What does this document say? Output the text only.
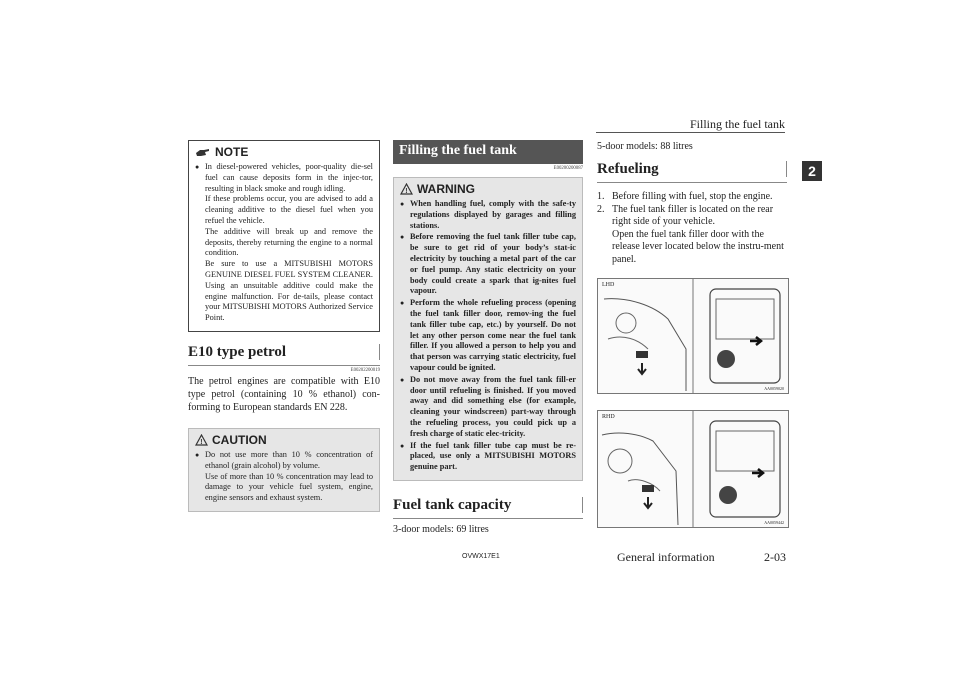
Filling the fuel tank
2
NOTE
● In diesel-powered vehicles, poor-quality die-sel fuel can cause deposits form in the injec-tor, resulting in black smoke and rough idling.
If these problems occur, you are advised to add a cleaning additive to the diesel fuel when you refuel the vehicle.
The additive will break up and remove the deposits, thereby returning the engine to a normal condition.
Be sure to use a MITSUBISHI MOTORS GENUINE DIESEL FUEL SYSTEM CLEANER. Using an unsuitable additive could make the engine malfunction. For de-tails, please contact your MITSUBISHI MOTORS Authorized Service Point.
E10 type petrol
E00202200019
The petrol engines are compatible with E10 type petrol (containing 10 % ethanol) con-forming to European standards EN 228.
! CAUTION
● Do not use more than 10 % concentration of ethanol (grain alcohol) by volume.
Use of more than 10 % concentration may lead to damage to your vehicle fuel system, engine, engine sensors and exhaust system.
Filling the fuel tank
E00200200087
! WARNING
● When handling fuel, comply with the safe-ty regulations displayed by garages and filling stations.
● Before removing the fuel tank filler tube cap, be sure to get rid of your body’s stat-ic electricity by touching a metal part of the car or fuel pump. Any static electricity on your body could create a spark that ig-nites fuel vapour.
● Perform the whole refueling process (opening the fuel tank filler door, remov-ing the fuel tank filler tube cap, etc.) by yourself. Do not let any other person come near the fuel tank filler. If you allowed a person to help you and that person was carrying static electricity, fuel vapour could be ignited.
● Do not move away from the fuel tank fill-er door until refueling is finished. If you moved away and did something else (for example, cleaning your windscreen) part-way through the refueling process, you could pick up a fresh charge of static elec-tricity.
● If the fuel tank filler tube cap must be re-placed, use only a MITSUBISHI MOTORS genuine part.
Fuel tank capacity
3-door models: 69 litres
5-door models: 88 litres
Refueling
1. Before filling with fuel, stop the engine.
2. The fuel tank filler is located on the rear right side of your vehicle.
Open the fuel tank filler door with the release lever located below the instru-ment panel.
LHD
AA0059020
RHD
AA0059442
OVWX17E1	General information	2-03
